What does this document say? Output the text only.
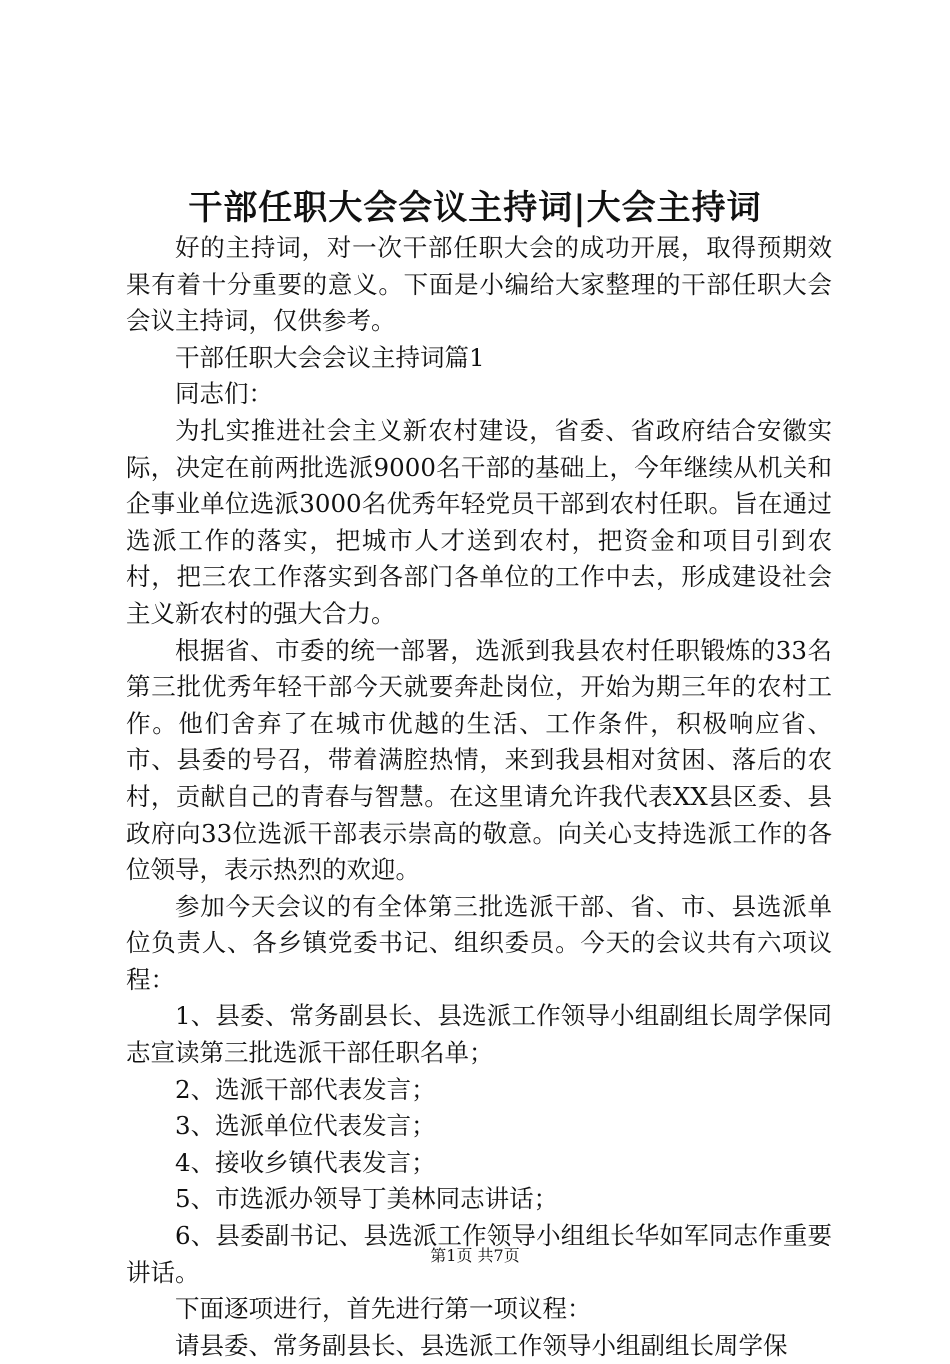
干部任职大会会议主持词|大会主持词

好的主持词，对一次干部任职大会的成功开展，取得预期效果有着十分重要的意义。下面是小编给大家整理的干部任职大会会议主持词，仅供参考。

干部任职大会会议主持词篇1

同志们：

为扎实推进社会主义新农村建设，省委、省政府结合安徽实际，决定在前两批选派9000名干部的基础上，今年继续从机关和企事业单位选派3000名优秀年轻党员干部到农村任职。旨在通过选派工作的落实，把城市人才送到农村，把资金和项目引到农村，把三农工作落实到各部门各单位的工作中去，形成建设社会主义新农村的强大合力。

根据省、市委的统一部署，选派到我县农村任职锻炼的33名第三批优秀年轻干部今天就要奔赴岗位，开始为期三年的农村工作。他们舍弃了在城市优越的生活、工作条件，积极响应省、市、县委的号召，带着满腔热情，来到我县相对贫困、落后的农村，贡献自己的青春与智慧。在这里请允许我代表XX县区委、县政府向33位选派干部表示崇高的敬意。向关心支持选派工作的各位领导，表示热烈的欢迎。

参加今天会议的有全体第三批选派干部、省、市、县选派单位负责人、各乡镇党委书记、组织委员。今天的会议共有六项议程：

1、县委、常务副县长、县选派工作领导小组副组长周学保同志宣读第三批选派干部任职名单；

2、选派干部代表发言；

3、选派单位代表发言；

4、接收乡镇代表发言；

5、市选派办领导丁美林同志讲话；

6、县委副书记、县选派工作领导小组组长华如军同志作重要讲话。

下面逐项进行，首先进行第一项议程：

请县委、常务副县长、县选派工作领导小组副组长周学保

第1页 共7页
